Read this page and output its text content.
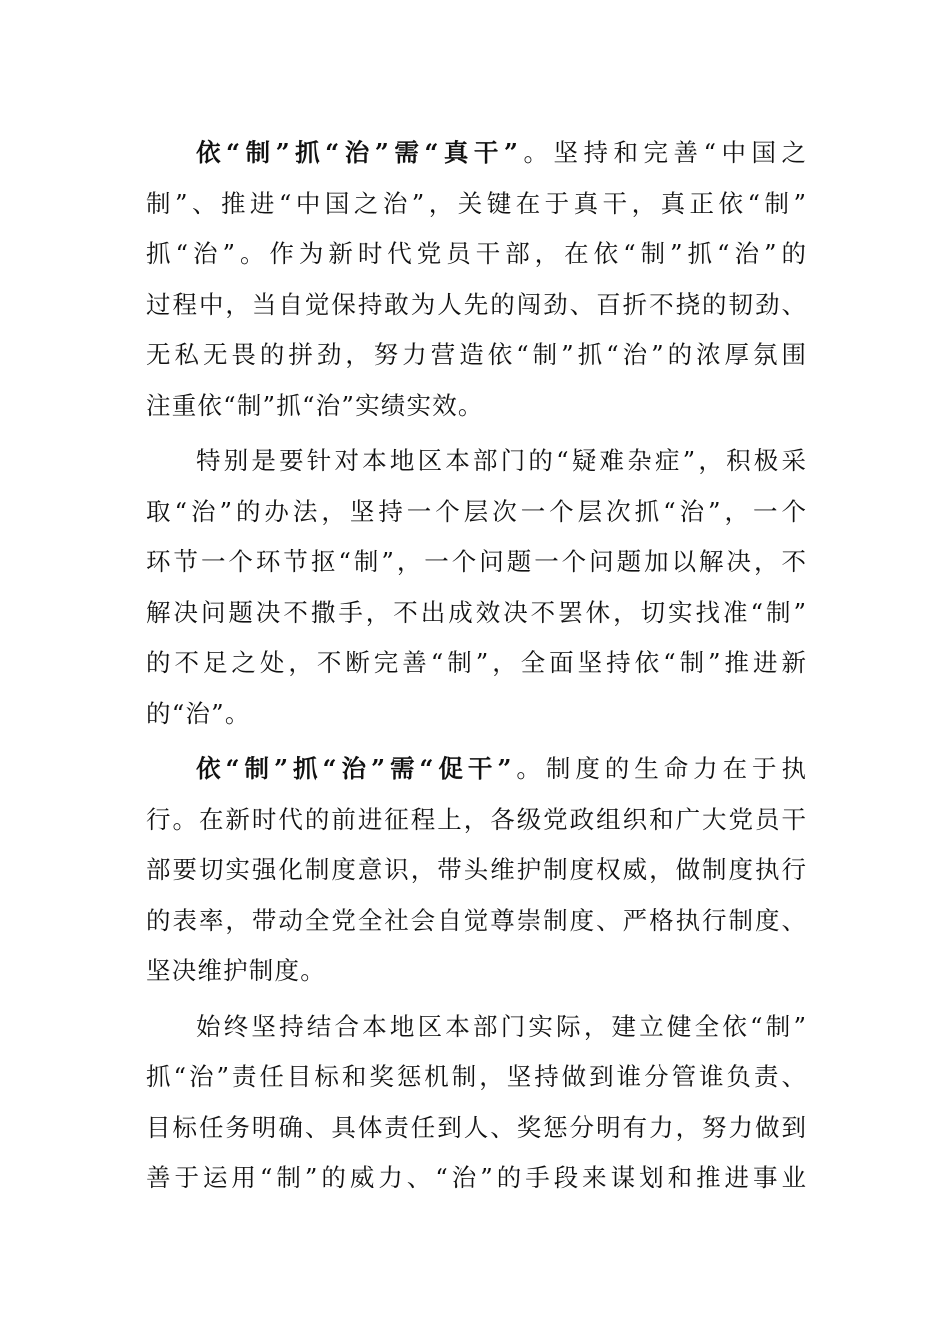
依“制”抓“治”需“真干”。坚持和完善“中国之
制”、推进“中国之治”，关键在于真干，真正依“制”
抓“治”。作为新时代党员干部，在依“制”抓“治”的
过程中，当自觉保持敢为人先的闯劲、百折不挠的韧劲、
无私无畏的拼劲，努力营造依“制”抓“治”的浓厚氛围
注重依“制”抓“治”实绩实效。
特别是要针对本地区本部门的“疑难杂症”，积极采
取“治”的办法，坚持一个层次一个层次抓“治”，一个
环节一个环节抠“制”，一个问题一个问题加以解决，不
解决问题决不撒手，不出成效决不罢休，切实找准“制”
的不足之处，不断完善“制”，全面坚持依“制”推进新
的“治”。
依“制”抓“治”需“促干”。制度的生命力在于执
行。在新时代的前进征程上，各级党政组织和广大党员干
部要切实强化制度意识，带头维护制度权威，做制度执行
的表率，带动全党全社会自觉尊崇制度、严格执行制度、
坚决维护制度。
始终坚持结合本地区本部门实际，建立健全依“制”
抓“治”责任目标和奖惩机制，坚持做到谁分管谁负责、
目标任务明确、具体责任到人、奖惩分明有力，努力做到
善于运用“制”的威力、“治”的手段来谋划和推进事业
